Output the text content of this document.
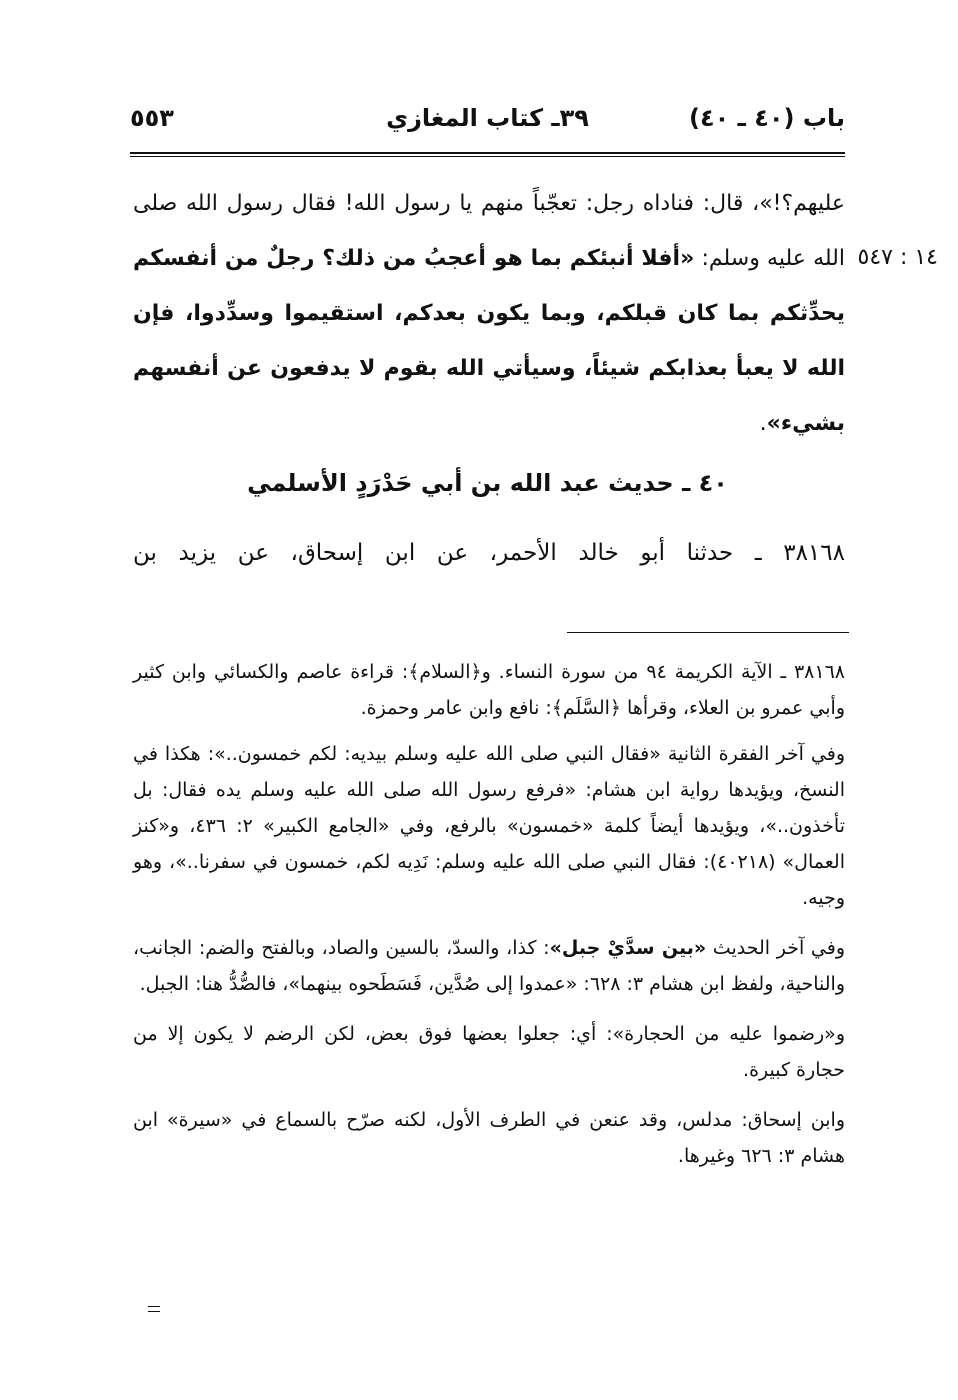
باب (٤٠ ـ ٤٠)
٣٩ـ كتاب المغازي
٥٥٣
١٤ : ٥٤٧
عليهم؟!»، قال: فناداه رجل: تعجّباً منهم يا رسول الله! فقال رسول الله صلى الله عليه وسلم: «أفلا أنبئكم بما هو أعجبُ من ذلك؟ رجلٌ من أنفسكم يحدِّثكم بما كان قبلكم، وبما يكون بعدكم، استقيموا وسدِّدوا، فإن الله لا يعبأ بعذابكم شيئاً، وسيأتي الله بقوم لا يدفعون عن أنفسهم بشيء».
٤٠ ـ حديث عبد الله بن أبي حَدْرَدٍ الأسلمي
٣٨١٦٨ ـ حدثنا أبو خالد الأحمر، عن ابن إسحاق، عن يزيد بن

٣٨١٦٨ ـ الآية الكريمة ٩٤ من سورة النساء. و﴿السلام﴾: قراءة عاصم والكسائي وابن كثير وأبي عمرو بن العلاء، وقرأها ﴿السَّلَم﴾: نافع وابن عامر وحمزة.

وفي آخر الفقرة الثانية «فقال النبي صلى الله عليه وسلم بيديه: لكم خمسون..»: هكذا في النسخ، ويؤيدها رواية ابن هشام: «فرفع رسول الله صلى الله عليه وسلم يده فقال: بل تأخذون..»، ويؤيدها أيضاً كلمة «خمسون» بالرفع، وفي «الجامع الكبير» ٢: ٤٣٦، و«كنز العمال» (٤٠٢١٨): فقال النبي صلى الله عليه وسلم: نَدِيه لكم، خمسون في سفرنا..»، وهو وجيه.

وفي آخر الحديث «بين سدَّيْ جبل»: كذا، والسدّ، بالسين والصاد، وبالفتح والضم: الجانب، والناحية، ولفظ ابن هشام ٣: ٦٢٨: «عمدوا إلى صُدَّين، فَسَطَحوه بينهما»، فالصُّدُّ هنا: الجبل.

و«رضموا عليه من الحجارة»: أي: جعلوا بعضها فوق بعض، لكن الرضم لا يكون إلا من حجارة كبيرة.

وابن إسحاق: مدلس، وقد عنعن في الطرف الأول، لكنه صرّح بالسماع في «سيرة» ابن هشام ٣: ٦٢٦ وغيرها.
